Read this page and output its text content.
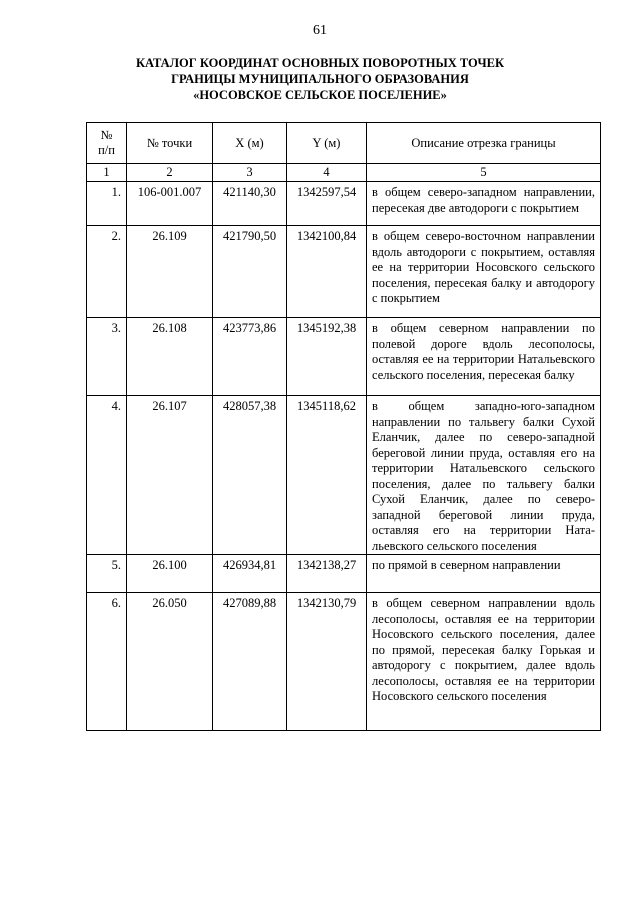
61
КАТАЛОГ КООРДИНАТ ОСНОВНЫХ ПОВОРОТНЫХ ТОЧЕК
ГРАНИЦЫ МУНИЦИПАЛЬНОГО ОБРАЗОВАНИЯ
«НОСОВСКОЕ СЕЛЬСКОЕ ПОСЕЛЕНИЕ»
№
п/п	№ точки	X (м)	Y (м)	Описание отрезка границы
1	2	3	4	5
1.	106-001.007	421140,30	1342597,54	в общем северо-западном направлении, пересекая две автодороги с покрытием
2.	26.109	421790,50	1342100,84	в общем северо-восточном направлении вдоль автодороги с покрытием, оставляя ее на территории Носовского сельского поселения, пересекая балку и автодорогу с покрытием
3.	26.108	423773,86	1345192,38	в общем северном направлении по полевой дороге вдоль лесополосы, оставляя ее на территории Натальевского сельского поселения, пересекая балку
4.	26.107	428057,38	1345118,62	в общем западно-юго-западном направлении по тальвегу балки Сухой Еланчик, далее по северо-западной береговой линии пруда, оставляя его на территории Натальевского сельского поселения, далее по тальвегу балки Сухой Еланчик, далее по северо-западной береговой линии пруда, оставляя его на территории Натальевского сельского поселения
5.	26.100	426934,81	1342138,27	по прямой в северном направлении
6.	26.050	427089,88	1342130,79	в общем северном направлении вдоль лесополосы, оставляя ее на территории Носовского сельского поселения, далее по прямой, пересекая балку Горькая и автодорогу с покрытием, далее вдоль лесополосы, оставляя ее на территории Носовского сельского поселения
